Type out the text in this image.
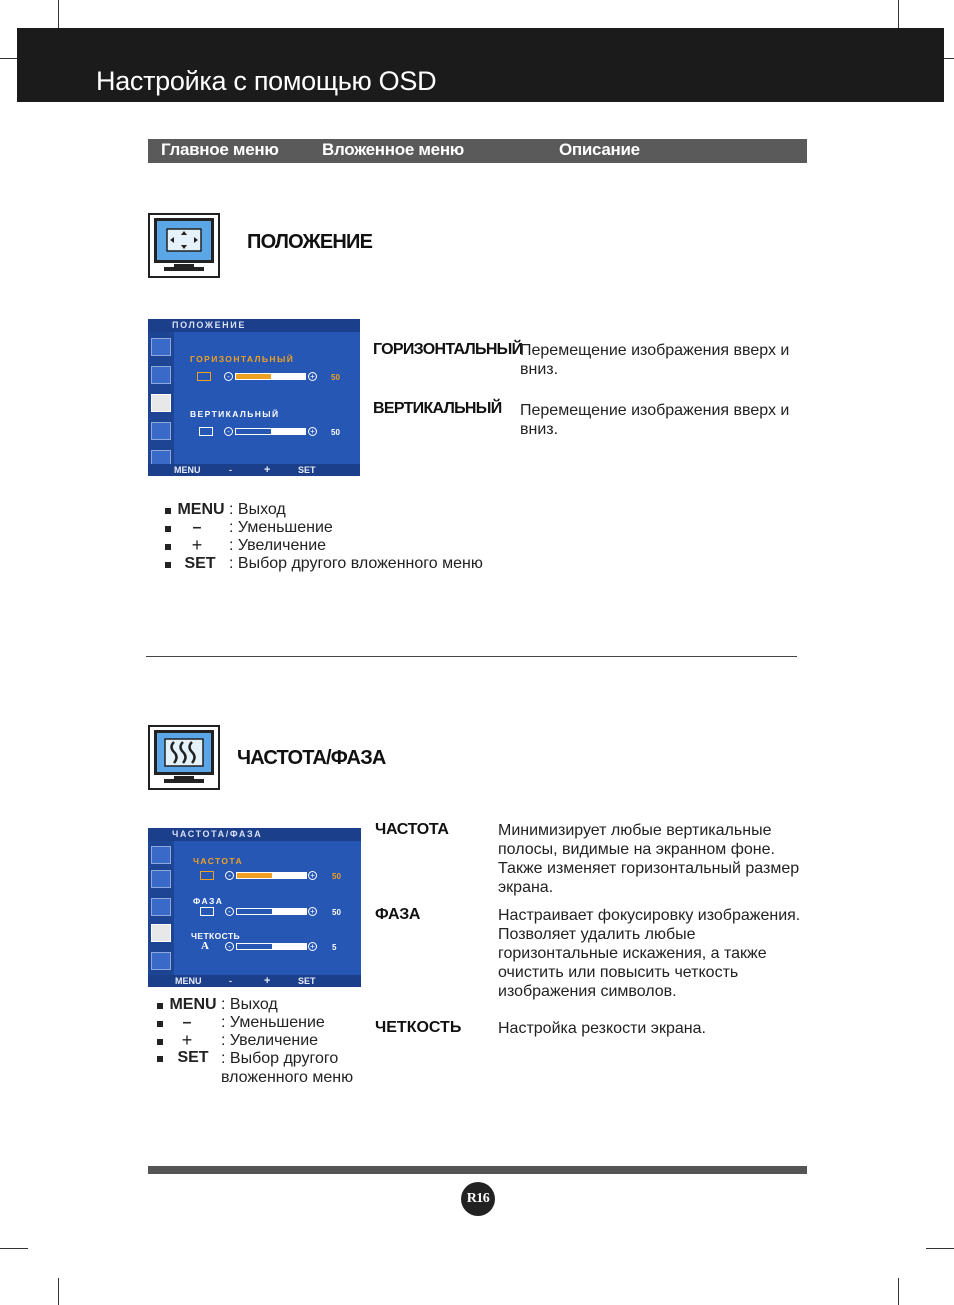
Настройка с помощью OSD
Главное меню	Вложенное меню	Описание
ПОЛОЖЕНИЕ
ПОЛОЖЕНИЕ
ГОРИЗОНТАЛЬНЫЙ
-	+ 50
ВЕРТИКАЛЬНЫЙ
-	+ 50
MENU	-	+	SET
ГОРИЗОНТАЛЬНЫЙ
Перемещение изображения вверх и вниз.
ВЕРТИКАЛЬНЫЙ Перемещение изображения вверх и вниз.
MENU : Выход
–	: Уменьшение
+	: Увеличение
SET : Выбор другого вложенного меню
ЧАСТОТА/ФАЗА
ЧАСТОТА/ФАЗА
ЧАСТОТА
-	+ 50
ФАЗА
-	+ 50
ЧЕТКОСТЬ
A	-	+ 5
MENU	-	+	SET
ЧАСТОТА	Минимизирует любые вертикальные полосы, видимые на экранном фоне. Также изменяет горизонтальный размер экрана.
ФАЗА	Настраивает фокусировку изображения. Позволяет удалить любые горизонтальные искажения, а также очистить или повысить четкость изображения символов.
ЧЕТКОСТЬ Настройка резкости экрана.
MENU : Выход
–	: Уменьшение
+	: Увеличение
SET : Выбор другого вложенного меню
R16
